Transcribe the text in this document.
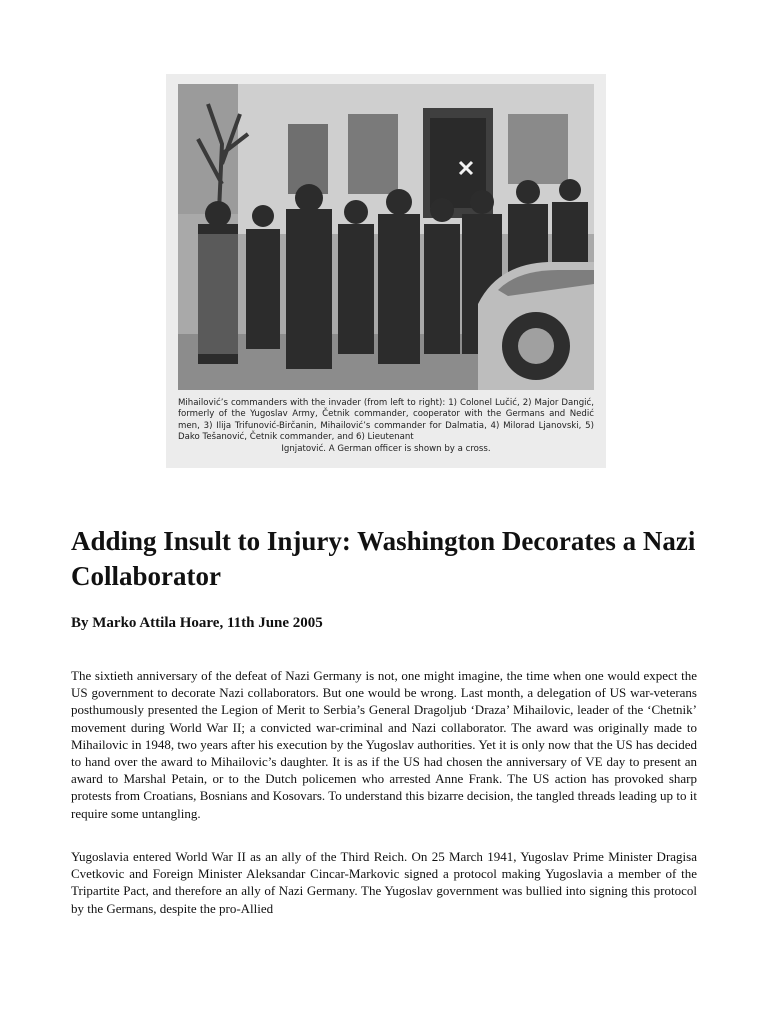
Mihailović’s commanders with the invader (from left to right): 1) Colonel Lučić, 2) Major Dangić, formerly of the Yugoslav Army, Četnik commander, cooperator with the Germans and Nedić men, 3) Ilija Trifunović-Birčanin, Mihailović’s commander for Dalmatia, 4) Milorad Ljanovski, 5) Dako Tešanović, Četnik commander, and 6) Lieutenant
Ignjatović. A German officer is shown by a cross.
Adding Insult to Injury: Washington Decorates a Nazi Collaborator

By Marko Attila Hoare, 11th June 2005

The sixtieth anniversary of the defeat of Nazi Germany is not, one might imagine, the time when one would expect the US government to decorate Nazi collaborators. But one would be wrong. Last month, a delegation of US war-veterans posthumously presented the Legion of Merit to Serbia’s General Dragoljub ‘Draza’ Mihailovic, leader of the ‘Chetnik’ movement during World War II; a convicted war-criminal and Nazi collaborator. The award was originally made to Mihailovic in 1948, two years after his execution by the Yugoslav authorities. Yet it is only now that the US has decided to hand over the award to Mihailovic’s daughter. It is as if the US had chosen the anniversary of VE day to present an award to Marshal Petain, or to the Dutch policemen who arrested Anne Frank. The US action has provoked sharp protests from Croatians, Bosnians and Kosovars. To understand this bizarre decision, the tangled threads leading up to it require some untangling.

Yugoslavia entered World War II as an ally of the Third Reich. On 25 March 1941, Yugoslav Prime Minister Dragisa Cvetkovic and Foreign Minister Aleksandar Cincar-Markovic signed a protocol making Yugoslavia a member of the Tripartite Pact, and therefore an ally of Nazi Germany. The Yugoslav government was bullied into signing this protocol by the Germans, despite the pro-Allied
